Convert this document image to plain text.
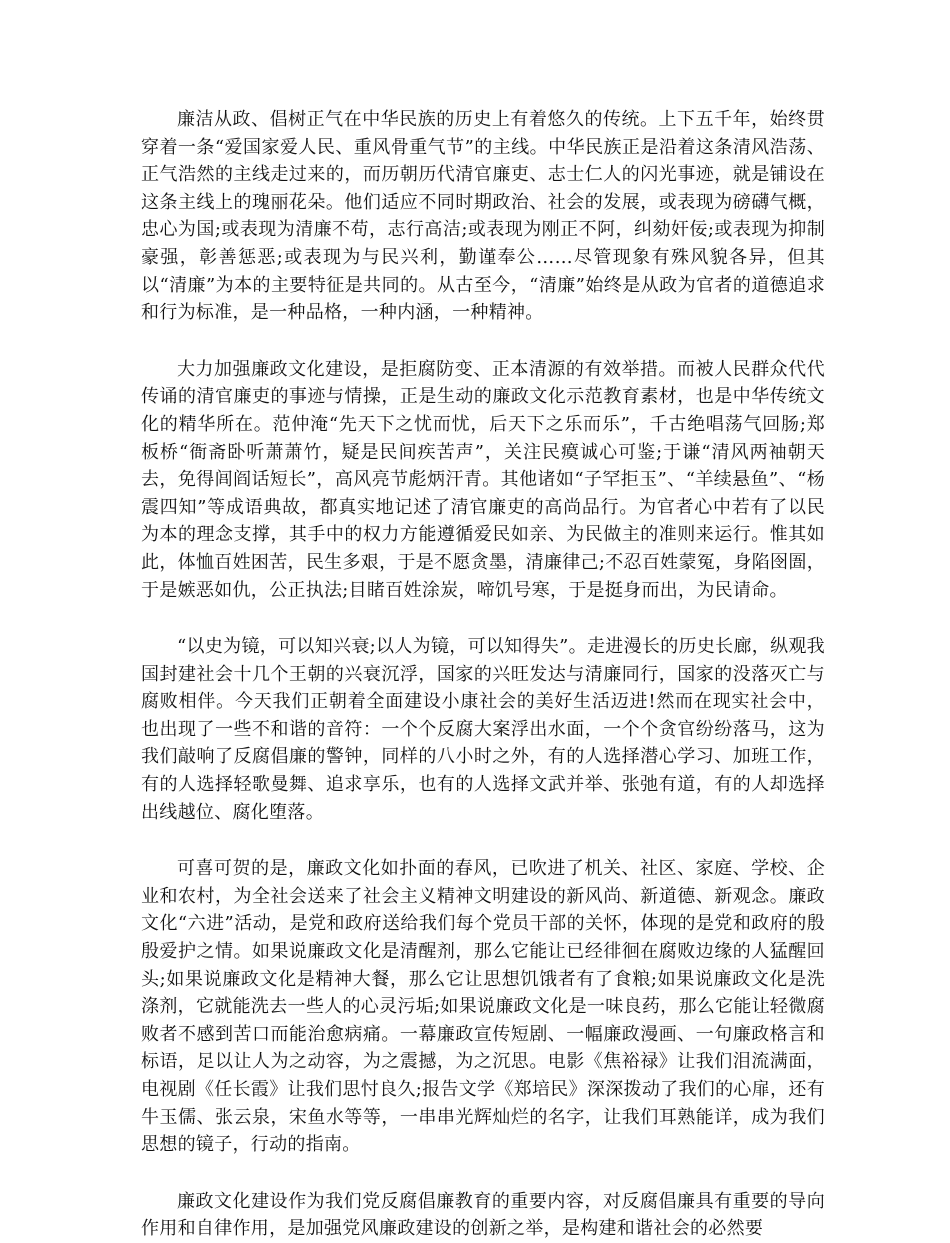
廉洁从政、倡树正气在中华民族的历史上有着悠久的传统。上下五千年，始终贯穿着一条“爱国家爱人民、重风骨重气节”的主线。中华民族正是沿着这条清风浩荡、正气浩然的主线走过来的，而历朝历代清官廉吏、志士仁人的闪光事迹，就是铺设在这条主线上的瑰丽花朵。他们适应不同时期政治、社会的发展，或表现为磅礴气概，忠心为国;或表现为清廉不苟，志行高洁;或表现为刚正不阿，纠劾奸佞;或表现为抑制豪强，彰善惩恶;或表现为与民兴利，勤谨奉公……尽管现象有殊风貌各异，但其以“清廉”为本的主要特征是共同的。从古至今，“清廉”始终是从政为官者的道德追求和行为标准，是一种品格，一种内涵，一种精神。

大力加强廉政文化建设，是拒腐防变、正本清源的有效举措。而被人民群众代代传诵的清官廉吏的事迹与情操，正是生动的廉政文化示范教育素材，也是中华传统文化的精华所在。范仲淹“先天下之忧而忧，后天下之乐而乐”，千古绝唱荡气回肠;郑板桥“衙斋卧听萧萧竹，疑是民间疾苦声”，关注民瘼诚心可鉴;于谦“清风两袖朝天去，免得闾阎话短长”，高风亮节彪炳汗青。其他诸如“子罕拒玉”、“羊续悬鱼”、“杨震四知”等成语典故，都真实地记述了清官廉吏的高尚品行。为官者心中若有了以民为本的理念支撑，其手中的权力方能遵循爱民如亲、为民做主的准则来运行。惟其如此，体恤百姓困苦，民生多艰，于是不愿贪墨，清廉律己;不忍百姓蒙冤，身陷囹圄，于是嫉恶如仇，公正执法;目睹百姓涂炭，啼饥号寒，于是挺身而出，为民请命。

“以史为镜，可以知兴衰;以人为镜，可以知得失”。走进漫长的历史长廊，纵观我国封建社会十几个王朝的兴衰沉浮，国家的兴旺发达与清廉同行，国家的没落灭亡与腐败相伴。今天我们正朝着全面建设小康社会的美好生活迈进!然而在现实社会中，也出现了一些不和谐的音符：一个个反腐大案浮出水面，一个个贪官纷纷落马，这为我们敲响了反腐倡廉的警钟，同样的八小时之外，有的人选择潜心学习、加班工作，有的人选择轻歌曼舞、追求享乐，也有的人选择文武并举、张弛有道，有的人却选择出线越位、腐化堕落。

可喜可贺的是，廉政文化如扑面的春风，已吹进了机关、社区、家庭、学校、企业和农村，为全社会送来了社会主义精神文明建设的新风尚、新道德、新观念。廉政文化“六进”活动，是党和政府送给我们每个党员干部的关怀，体现的是党和政府的殷殷爱护之情。如果说廉政文化是清醒剂，那么它能让已经徘徊在腐败边缘的人猛醒回头;如果说廉政文化是精神大餐，那么它让思想饥饿者有了食粮;如果说廉政文化是洗涤剂，它就能洗去一些人的心灵污垢;如果说廉政文化是一味良药，那么它能让轻微腐败者不感到苦口而能治愈病痛。一幕廉政宣传短剧、一幅廉政漫画、一句廉政格言和标语，足以让人为之动容，为之震撼，为之沉思。电影《焦裕禄》让我们泪流满面，电视剧《任长霞》让我们思忖良久;报告文学《郑培民》深深拨动了我们的心扉，还有牛玉儒、张云泉，宋鱼水等等，一串串光辉灿烂的名字，让我们耳熟能详，成为我们思想的镜子，行动的指南。

廉政文化建设作为我们党反腐倡廉教育的重要内容，对反腐倡廉具有重要的导向作用和自律作用，是加强党风廉政建设的创新之举，是构建和谐社会的必然要
